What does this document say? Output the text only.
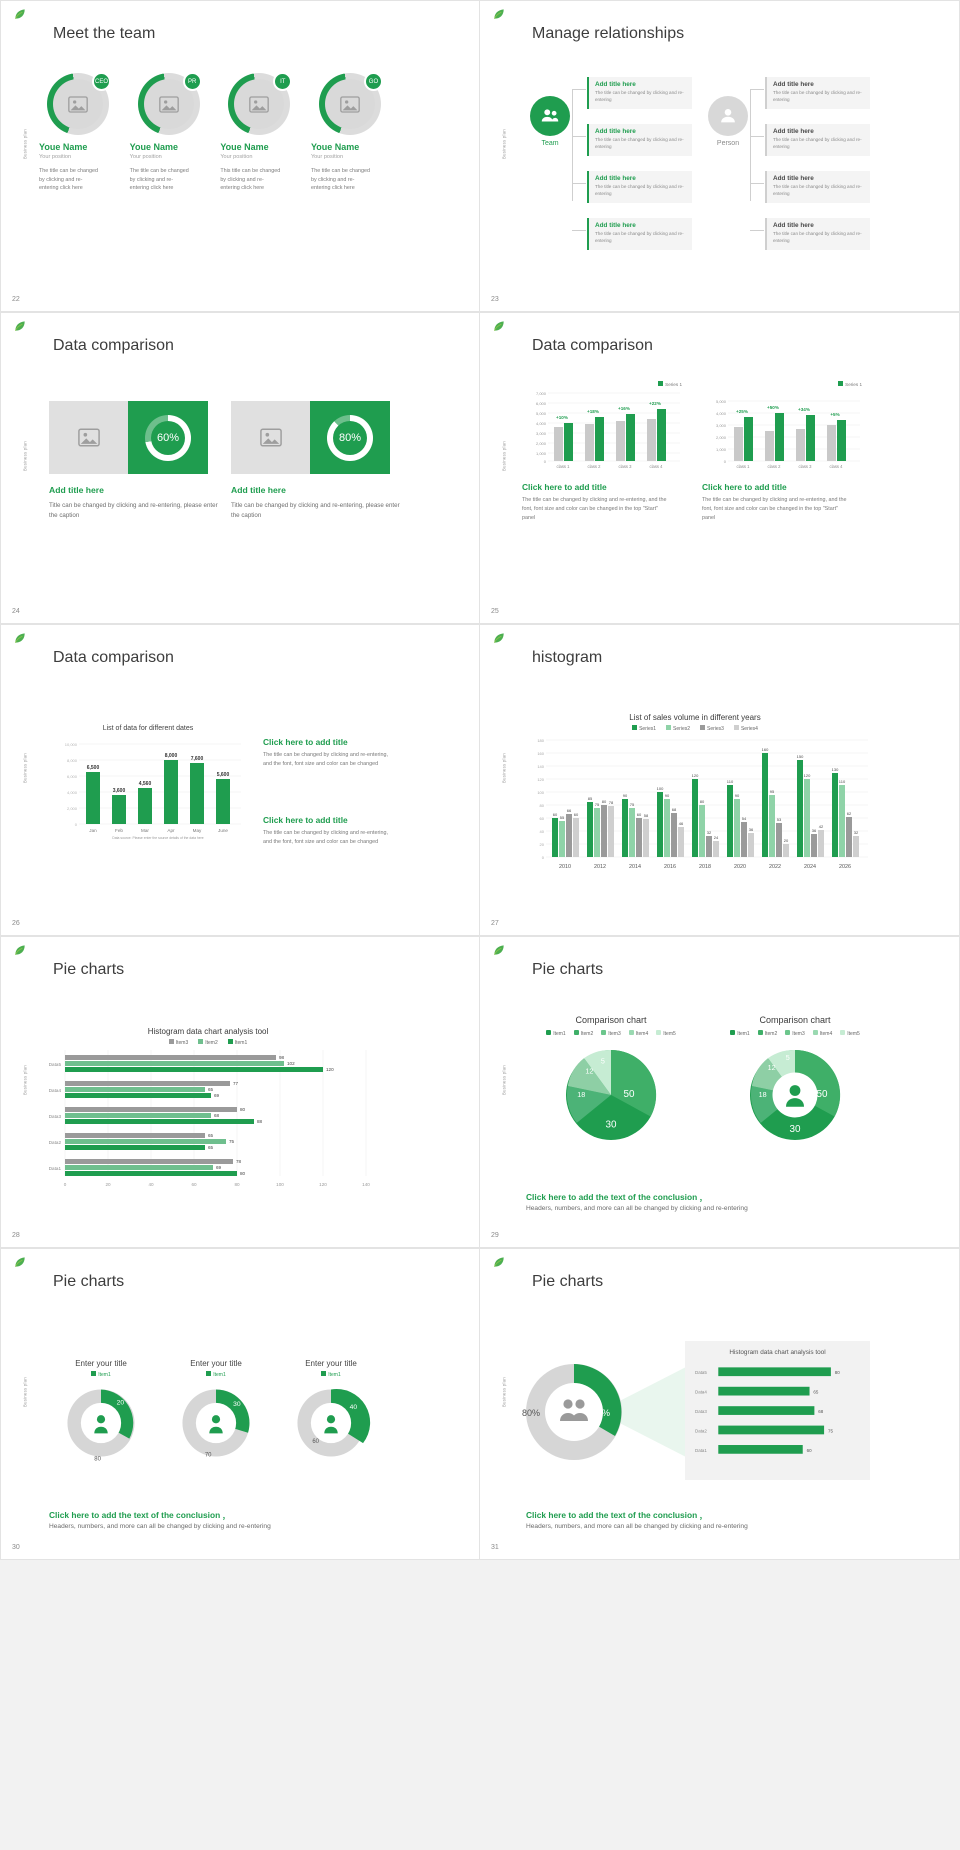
Business plan
22
Meet the team
CEO
Youe Name
Your position
The title can be changed by clicking and re-entering click here
PR
Youe Name
Your position
The title can be changed by clicking and re-entering click here
IT
Youe Name
Your position
This title can be changed by clicking and re-entering click here
GO
Youe Name
Your position
The title can be changed by clicking and re-entering click here
Business plan
23
Manage relationships
Team	Person
Add title here

The title can be changed by clicking and re-entering

Add title here

The title can be changed by clicking and re-entering

Add title here

The title can be changed by clicking and re-entering

Add title here

The title can be changed by clicking and re-entering

Add title here

The title can be changed by clicking and re-entering

Add title here

The title can be changed by clicking and re-entering

Add title here

The title can be changed by clicking and re-entering

Add title here

The title can be changed by clicking and re-entering

Business plan
24
Data comparison
60%
Add title here

Title can be changed by clicking and re-entering, please enter the caption

80%
Add title here

Title can be changed by clicking and re-entering, please enter the caption

Business plan
25
Data comparison
Series 1
7,000
6,000
5,000
4,000
3,000
2,000
1,000
0
+10%
+18%
+16%
+22%
class 1	class 2	class 3	class 4
Click here to add title
The title can be changed by clicking and re-entering, and the font, font size and color can be changed in the top "Start" panel
Series 1
5,000
4,000
3,000
2,000
1,000
0
+25%
+50%	+34%
+5%
class 1	class 2	class 3	class 4
Click here to add title
The title can be changed by clicking and re-entering, and the font, font size and color can be changed in the top "Start" panel
Business plan
26
Data comparison
List of data for different dates
10,000
8,000
6,000
4,000
2,000
0
6,500
3,600
4,560
8,000	7,600
5,600
Jan	Feb	Mar	Apr	May	June
Data source: Please enter the source details of the data here
Click here to add title
The title can be changed by clicking and re-entering, and the font, font size and color can be changed
Click here to add title
The title can be changed by clicking and re-entering, and the font, font size and color can be changed
Business plan
27
histogram
List of sales volume in different years
Series1	Series2	Series3	Series4
180
160
140
120
100
80
60
40
20
0
60
55
66
60
85
75
80 78
90
75
60 58
100
90
68
46
120
80
32
24
110
90
54
36
160
95
53
20
150
120
36
42
130
110
62
32
2010	2012	2014	2016	2018	2020	2022	2024	2026
Business plan
28
Pie charts
Histogram data chart analysis tool
Item3	Item2	Item1
Data5
Data4
Data3
Data2
Data1
98
102
120
77
65
69
80
68
88
65
75
65
78
69
80
0	20	40	60	80	100	120	140
Business plan
29
Pie charts
Comparison chart
Item1	Item2	Item3	Item4	Item5
50
30
18
12
5
Comparison chart
Item1	Item2	Item3	Item4	Item5
50
30
18
12
5
Click here to add the text of the conclusion ，
Headers, numbers, and more can all be changed by clicking and re-entering
Business plan
30
Pie charts
Enter your title
Item1
20
80
Enter your title
Item1
30
70
Enter your title
Item1
40
60
Click here to add the text of the conclusion ，
Headers, numbers, and more can all be changed by clicking and re-entering
Business plan
31
Pie charts
80%	20%
Histogram data chart analysis tool
Data5
Data4
Data3
Data2
Data1
80
65
68
75
60
Click here to add the text of the conclusion ，
Headers, numbers, and more can all be changed by clicking and re-entering
